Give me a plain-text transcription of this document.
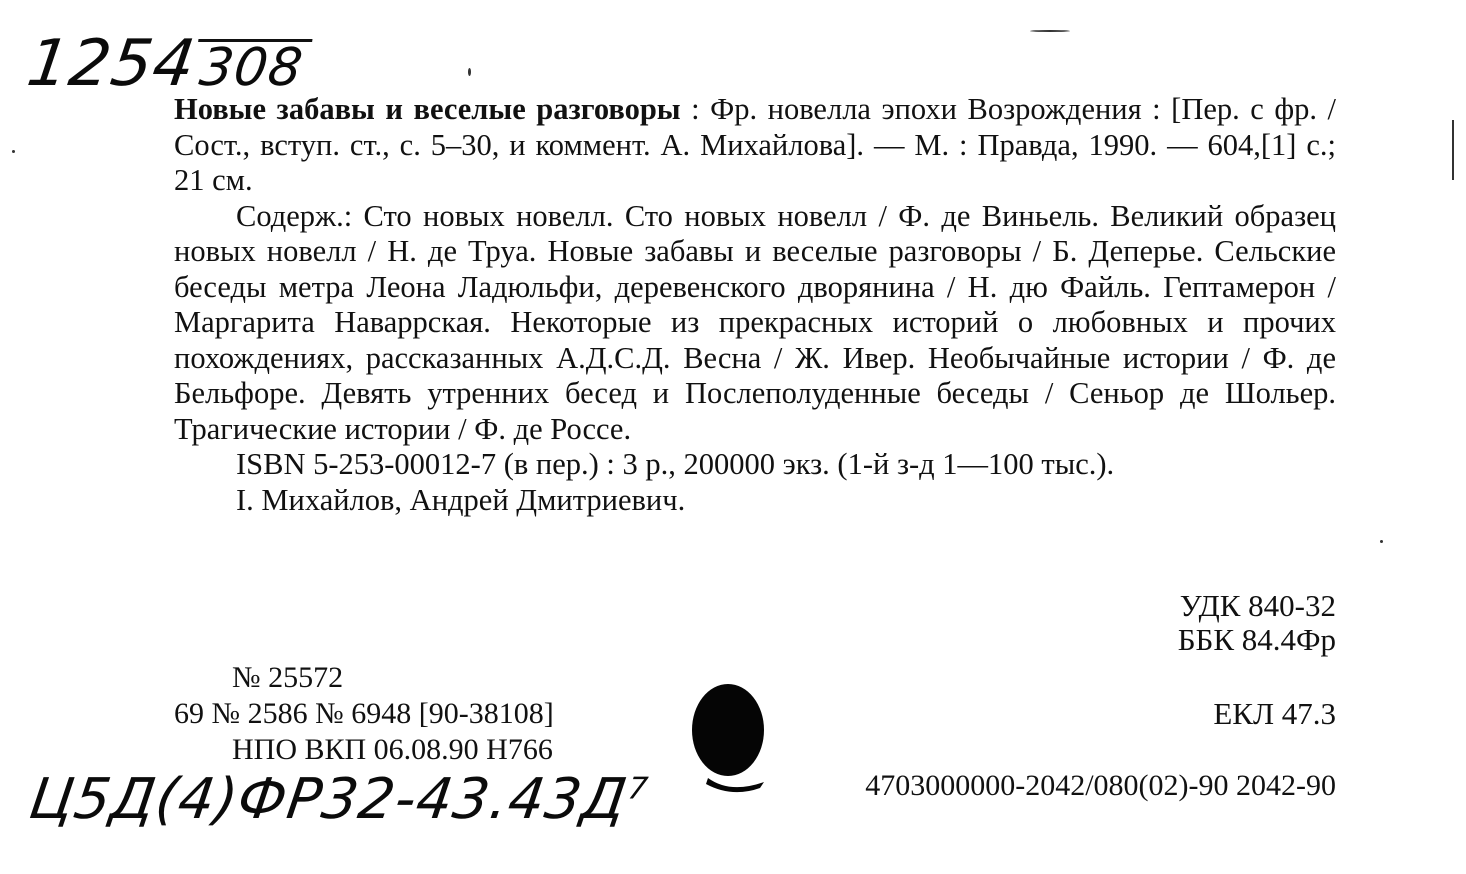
1254308

Новые забавы и веселые разговоры : Фр. новелла эпохи Возрождения : [Пер. с фр. / Сост., вступ. ст., с. 5–30, и коммент. А. Михайлова]. — М. : Правда, 1990. — 604,[1] с.; 21 см.

Содерж.: Сто новых новелл. Сто новых новелл / Ф. де Виньель. Великий образец новых новелл / Н. де Труа. Новые забавы и веселые разговоры / Б. Деперье. Сельские беседы метра Леона Ладюльфи, деревенского дворянина / Н. дю Файль. Гептамерон / Маргарита Наваррская. Некоторые из прекрасных историй о любовных и прочих похождениях, рассказанных А.Д.С.Д. Весна / Ж. Ивер. Необычайные истории / Ф. де Бельфоре. Девять утренних бесед и Послеполуденные беседы / Сеньор де Шольер. Трагические истории / Ф. де Россе.

ISBN 5-253-00012-7 (в пер.) : 3 р., 200000 экз. (1-й з-д 1—100 тыс.).

I. Михайлов, Андрей Дмитриевич.

УДК 840-32
ББК 84.4Фр
ЕКЛ 47.3
№ 25572
69 № 2586 № 6948 [90-38108]
НПО ВКП 06.08.90 Н766
4703000000-2042/080(02)-90 2042-90
$Ц5Д(4)ФР32-43.43Д^7$
